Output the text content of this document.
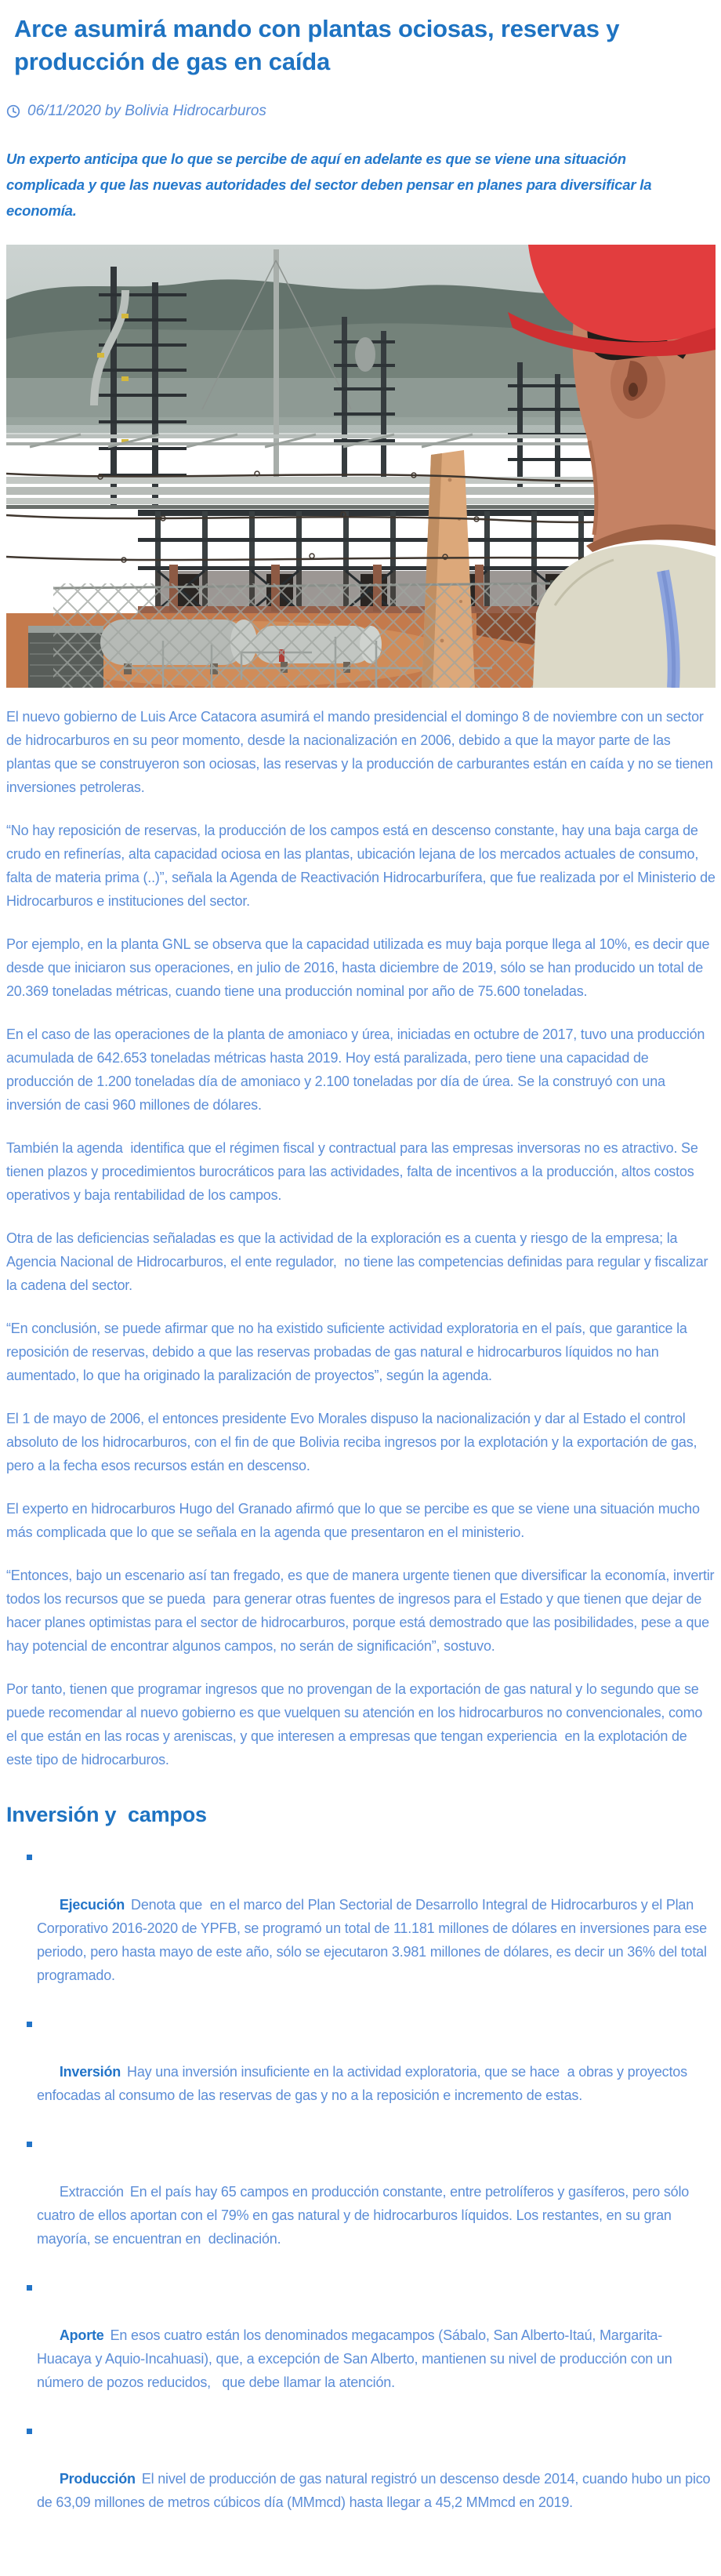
Arce asumirá mando con plantas ociosas, reservas y producción de gas en caída
06/11/2020 by Bolivia Hidrocarburos

Un experto anticipa que lo que se percibe de aquí en adelante es que se viene una situación complicada y que las nuevas autoridades del sector deben pensar en planes para diversificar la economía.

El nuevo gobierno de Luis Arce Catacora asumirá el mando presidencial el domingo 8 de noviembre con un sector de hidrocarburos en su peor momento, desde la nacionalización en 2006, debido a que la mayor parte de las plantas que se construyeron son ociosas, las reservas y la producción de carburantes están en caída y no se tienen inversiones petroleras.

“No hay reposición de reservas, la producción de los campos está en descenso constante, hay una baja carga de crudo en refinerías, alta capacidad ociosa en las plantas, ubicación lejana de los mercados actuales de consumo, falta de materia prima (..)”, señala la Agenda de Reactivación Hidrocarburífera, que fue realizada por el Ministerio de Hidrocarburos e instituciones del sector.

Por ejemplo, en la planta GNL se observa que la capacidad utilizada es muy baja porque llega al 10%, es decir que desde que iniciaron sus operaciones, en julio de 2016, hasta diciembre de 2019, sólo se han producido un total de 20.369 toneladas métricas, cuando tiene una producción nominal por año de 75.600 toneladas.

En el caso de las operaciones de la planta de amoniaco y úrea, iniciadas en octubre de 2017, tuvo una producción acumulada de 642.653 toneladas métricas hasta 2019. Hoy está paralizada, pero tiene una capacidad de producción de 1.200 toneladas día de amoniaco y 2.100 toneladas por día de úrea. Se la construyó con una inversión de casi 960 millones de dólares.

También la agenda  identifica que el régimen fiscal y contractual para las empresas inversoras no es atractivo. Se tienen plazos y procedimientos burocráticos para las actividades, falta de incentivos a la producción, altos costos operativos y baja rentabilidad de los campos.

Otra de las deficiencias señaladas es que la actividad de la exploración es a cuenta y riesgo de la empresa; la Agencia Nacional de Hidrocarburos, el ente regulador,  no tiene las competencias definidas para regular y fiscalizar la cadena del sector.

“En conclusión, se puede afirmar que no ha existido suficiente actividad exploratoria en el país, que garantice la reposición de reservas, debido a que las reservas probadas de gas natural e hidrocarburos líquidos no han aumentado, lo que ha originado la paralización de proyectos”, según la agenda.

El 1 de mayo de 2006, el entonces presidente Evo Morales dispuso la nacionalización y dar al Estado el control absoluto de los hidrocarburos, con el fin de que Bolivia reciba ingresos por la explotación y la exportación de gas, pero a la fecha esos recursos están en descenso.

El experto en hidrocarburos Hugo del Granado afirmó que lo que se percibe es que se viene una situación mucho más complicada que lo que se señala en la agenda que presentaron en el ministerio.

“Entonces, bajo un escenario así tan fregado, es que de manera urgente tienen que diversificar la economía, invertir todos los recursos que se pueda  para generar otras fuentes de ingresos para el Estado y que tienen que dejar de hacer planes optimistas para el sector de hidrocarburos, porque está demostrado que las posibilidades, pese a que hay potencial de encontrar algunos campos, no serán de significación”, sostuvo.

Por tanto, tienen que programar ingresos que no provengan de la exportación de gas natural y lo segundo que se puede recomendar al nuevo gobierno es que vuelquen su atención en los hidrocarburos no convencionales, como el que están en las rocas y areniscas, y que interesen a empresas que tengan experiencia  en la explotación de este tipo de hidrocarburos.

Inversión y  campos

Ejecución Denota que  en el marco del Plan Sectorial de Desarrollo Integral de Hidrocarburos y el Plan Corporativo 2016-2020 de YPFB, se programó un total de 11.181 millones de dólares en inversiones para ese periodo, pero hasta mayo de este año, sólo se ejecutaron 3.981 millones de dólares, es decir un 36% del total programado.

Inversión Hay una inversión insuficiente en la actividad exploratoria, que se hace  a obras y proyectos enfocadas al consumo de las reservas de gas y no a la reposición e incremento de estas.

Extracción En el país hay 65 campos en producción constante, entre petrolíferos y gasíferos, pero sólo cuatro de ellos aportan con el 79% en gas natural y de hidrocarburos líquidos. Los restantes, en su gran mayoría, se encuentran en  declinación.

Aporte En esos cuatro están los denominados megacampos (Sábalo, San Alberto-Itaú, Margarita-Huacaya y Aquio-Incahuasi), que, a excepción de San Alberto, mantienen su nivel de producción con un número de pozos reducidos,   que debe llamar la atención.

Producción El nivel de producción de gas natural registró un descenso desde 2014, cuando hubo un pico de 63,09 millones de metros cúbicos día (MMmcd) hasta llegar a 45,2 MMmcd en 2019.
